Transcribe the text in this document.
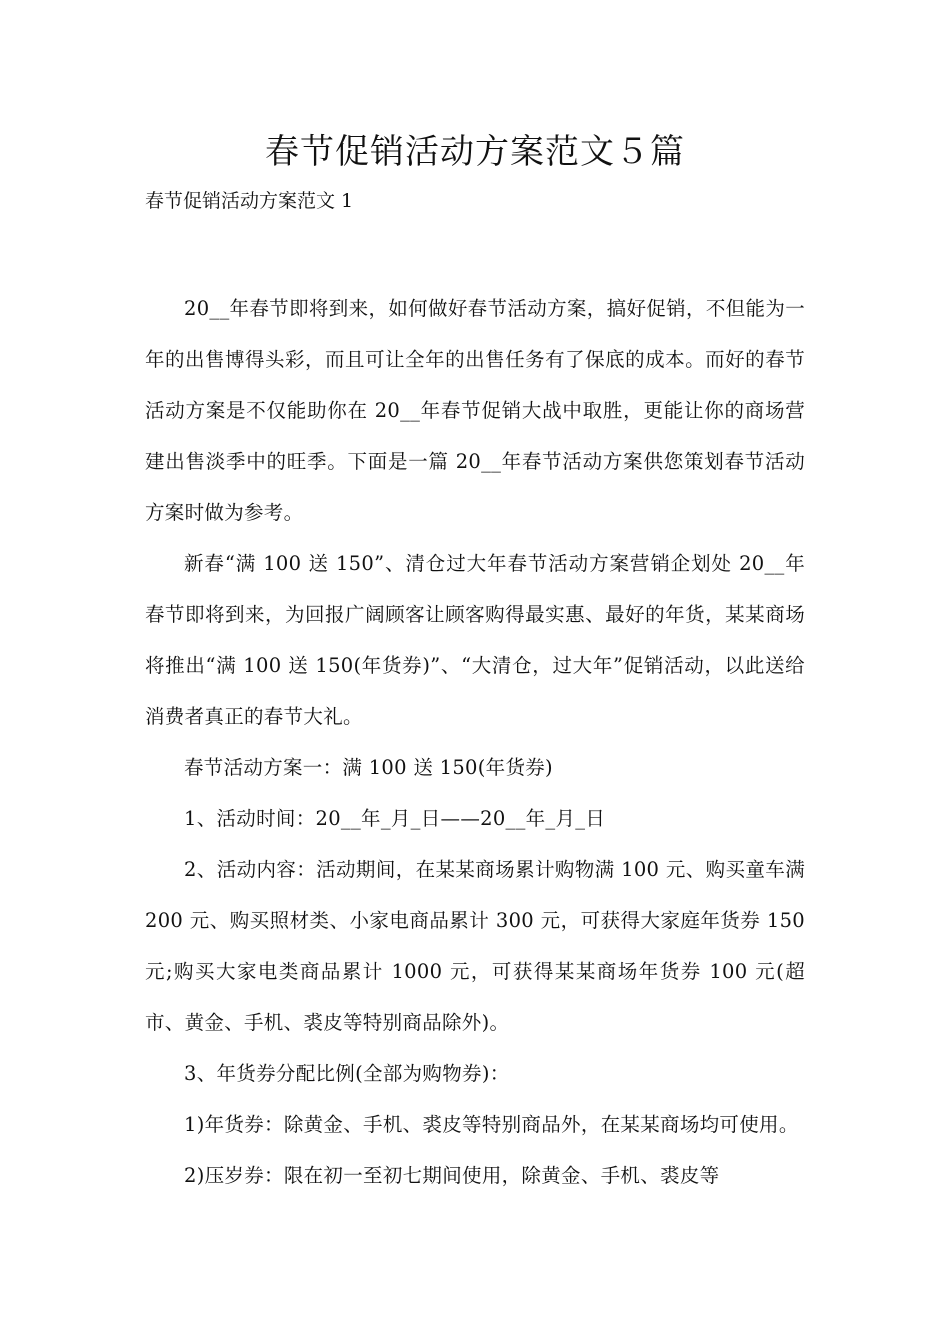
春节促销活动方案范文５篇

春节促销活动方案范文 1

20__年春节即将到来，如何做好春节活动方案，搞好促销，不但能为一年的出售博得头彩，而且可让全年的出售任务有了保底的成本。而好的春节活动方案是不仅能助你在 20__年春节促销大战中取胜，更能让你的商场营建出售淡季中的旺季。下面是一篇 20__年春节活动方案供您策划春节活动方案时做为参考。

新春“满 100 送 150”、清仓过大年春节活动方案营销企划处 20__年春节即将到来，为回报广阔顾客让顾客购得最实惠、最好的年货，某某商场将推出“满 100 送 150(年货券)”、“大清仓，过大年”促销活动，以此送给消费者真正的春节大礼。

春节活动方案一：满 100 送 150(年货券)

1、活动时间：20__年_月_日——20__年_月_日

2、活动内容：活动期间，在某某商场累计购物满 100 元、购买童车满 200 元、购买照材类、小家电商品累计 300 元，可获得大家庭年货券 150 元;购买大家电类商品累计 1000 元，可获得某某商场年货券 100 元(超市、黄金、手机、裘皮等特别商品除外)。

3、年货券分配比例(全部为购物券)：

1)年货券：除黄金、手机、裘皮等特别商品外，在某某商场均可使用。

2)压岁券：限在初一至初七期间使用，除黄金、手机、裘皮等
